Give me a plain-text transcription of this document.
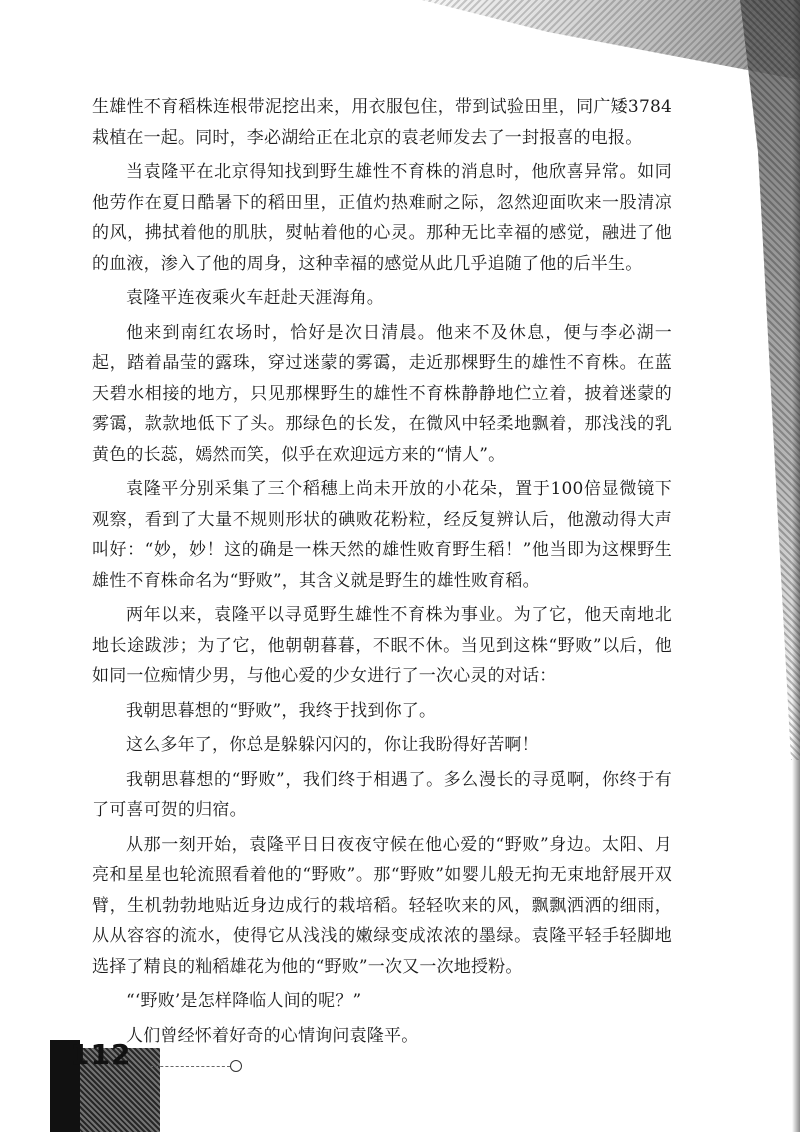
生雄性不育稻株连根带泥挖出来，用衣服包住，带到试验田里，同广矮3784栽植在一起。同时，李必湖给正在北京的袁老师发去了一封报喜的电报。

当袁隆平在北京得知找到野生雄性不育株的消息时，他欣喜异常。如同他劳作在夏日酷暑下的稻田里，正值灼热难耐之际，忽然迎面吹来一股清凉的风，拂拭着他的肌肤，熨帖着他的心灵。那种无比幸福的感觉，融进了他的血液，渗入了他的周身，这种幸福的感觉从此几乎追随了他的后半生。

袁隆平连夜乘火车赶赴天涯海角。

他来到南红农场时，恰好是次日清晨。他来不及休息，便与李必湖一起，踏着晶莹的露珠，穿过迷蒙的雾霭，走近那棵野生的雄性不育株。在蓝天碧水相接的地方，只见那棵野生的雄性不育株静静地伫立着，披着迷蒙的雾霭，款款地低下了头。那绿色的长发，在微风中轻柔地飘着，那浅浅的乳黄色的长蕊，嫣然而笑，似乎在欢迎远方来的“情人”。

袁隆平分别采集了三个稻穗上尚未开放的小花朵，置于100倍显微镜下观察，看到了大量不规则形状的碘败花粉粒，经反复辨认后，他激动得大声叫好：“妙，妙！这的确是一株天然的雄性败育野生稻！”他当即为这棵野生雄性不育株命名为“野败”，其含义就是野生的雄性败育稻。

两年以来，袁隆平以寻觅野生雄性不育株为事业。为了它，他天南地北地长途跋涉；为了它，他朝朝暮暮，不眠不休。当见到这株“野败”以后，他如同一位痴情少男，与他心爱的少女进行了一次心灵的对话：

我朝思暮想的“野败”，我终于找到你了。

这么多年了，你总是躲躲闪闪的，你让我盼得好苦啊！

我朝思暮想的“野败”，我们终于相遇了。多么漫长的寻觅啊，你终于有了可喜可贺的归宿。

从那一刻开始，袁隆平日日夜夜守候在他心爱的“野败”身边。太阳、月亮和星星也轮流照看着他的“野败”。那“野败”如婴儿般无拘无束地舒展开双臂，生机勃勃地贴近身边成行的栽培稻。轻轻吹来的风，飘飘洒洒的细雨，从从容容的流水，使得它从浅浅的嫩绿变成浓浓的墨绿。袁隆平轻手轻脚地选择了精良的籼稻雄花为他的“野败”一次又一次地授粉。

“‘野败’是怎样降临人间的呢？”

人们曾经怀着好奇的心情询问袁隆平。

112
